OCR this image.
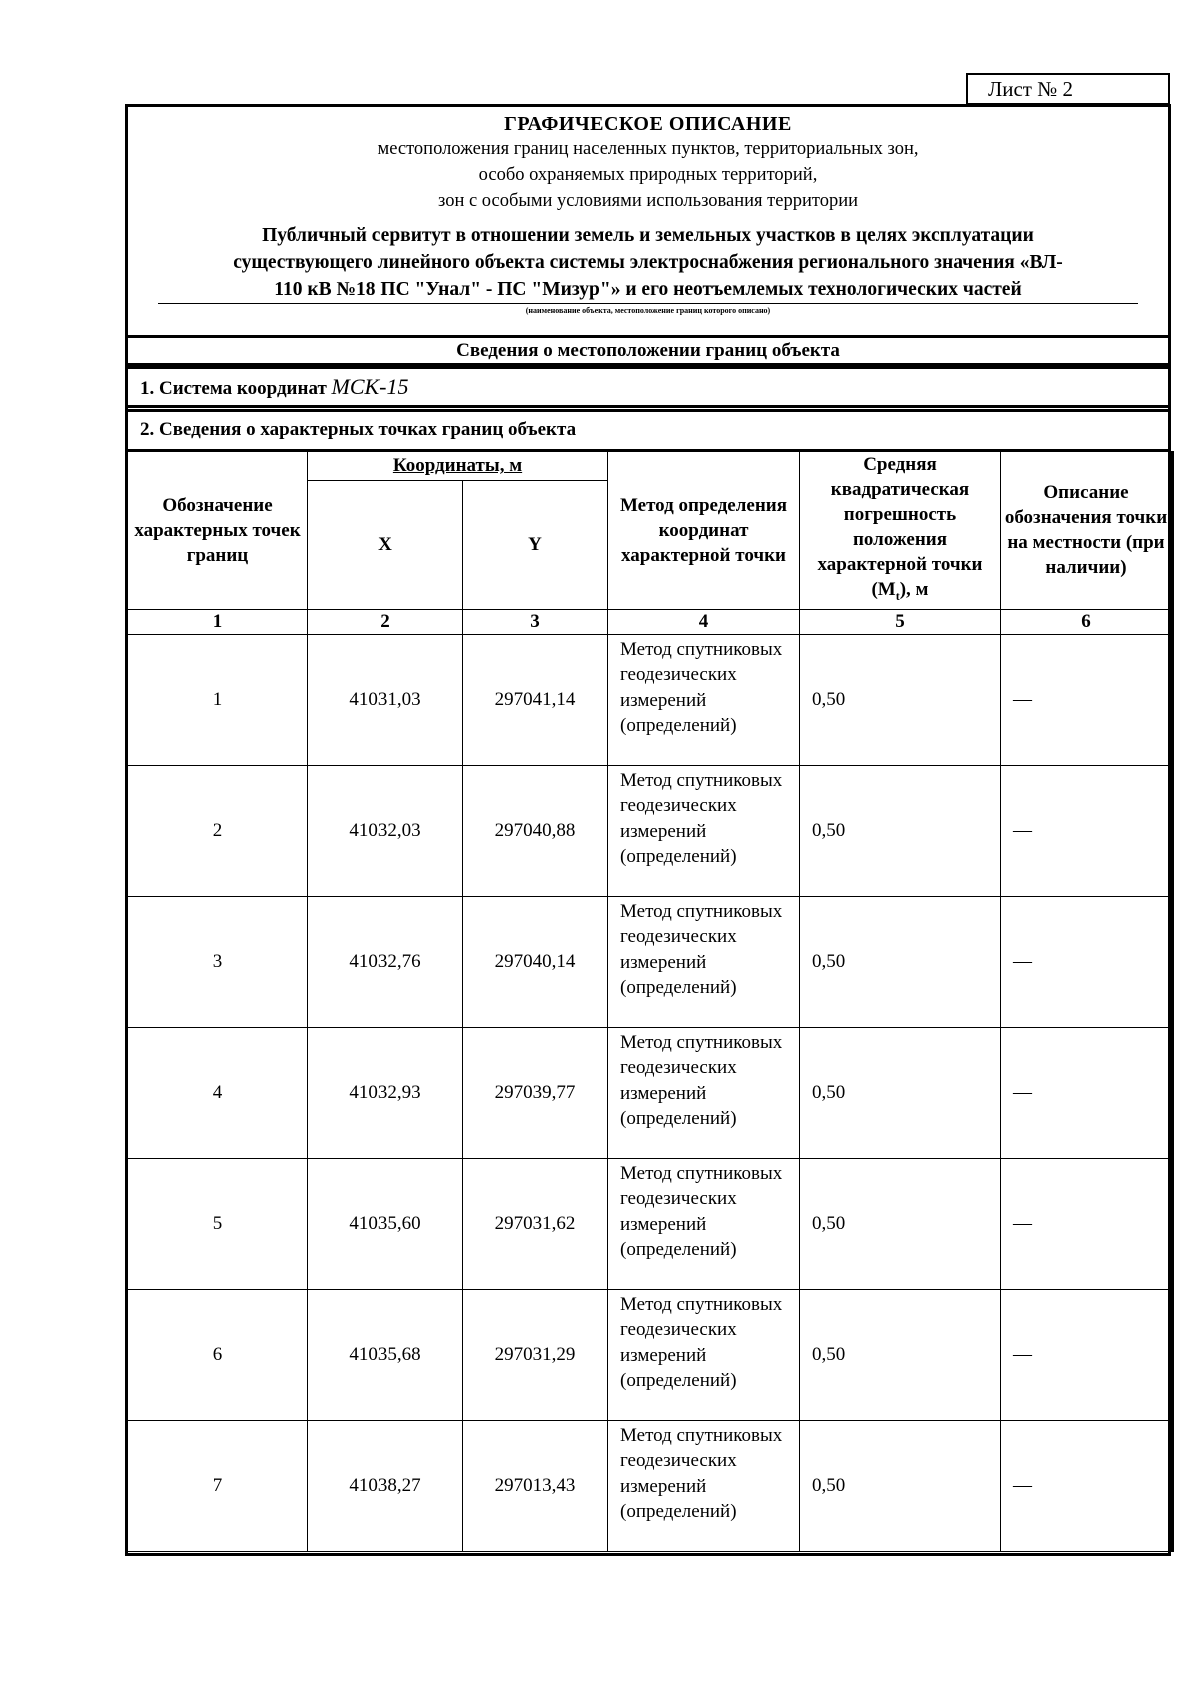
Лист № 2
ГРАФИЧЕСКОЕ ОПИСАНИЕ
местоположения границ населенных пунктов, территориальных зон,
особо охраняемых природных территорий,
зон с особыми условиями использования территории
Публичный сервитут в отношении земель и земельных участков в целях эксплуатации
существующего линейного объекта системы электроснабжения регионального значения «ВЛ-
110 кВ №18 ПС "Унал" - ПС "Мизур"» и его неотъемлемых технологических частей
(наименование объекта, местоположение границ которого описано)
Сведения о местоположении границ объекта
1. Система координат МСК-15
2. Сведения о характерных точках границ объекта
Обозначение характерных точек границ	Координаты, м		Метод определения координат характерной точки	Средняя квадратическая погрешность положения характерной точки $(M_t)$, м	Описание обозначения точки на местности (при наличии)
	X	Y			
1	2	3	4	5	6
1	41031,03	297041,14	Метод спутниковых геодезических измерений (определений)	0,50	—
2	41032,03	297040,88	Метод спутниковых геодезических измерений (определений)	0,50	—
3	41032,76	297040,14	Метод спутниковых геодезических измерений (определений)	0,50	—
4	41032,93	297039,77	Метод спутниковых геодезических измерений (определений)	0,50	—
5	41035,60	297031,62	Метод спутниковых геодезических измерений (определений)	0,50	—
6	41035,68	297031,29	Метод спутниковых геодезических измерений (определений)	0,50	—
7	41038,27	297013,43	Метод спутниковых геодезических измерений (определений)	0,50	—
